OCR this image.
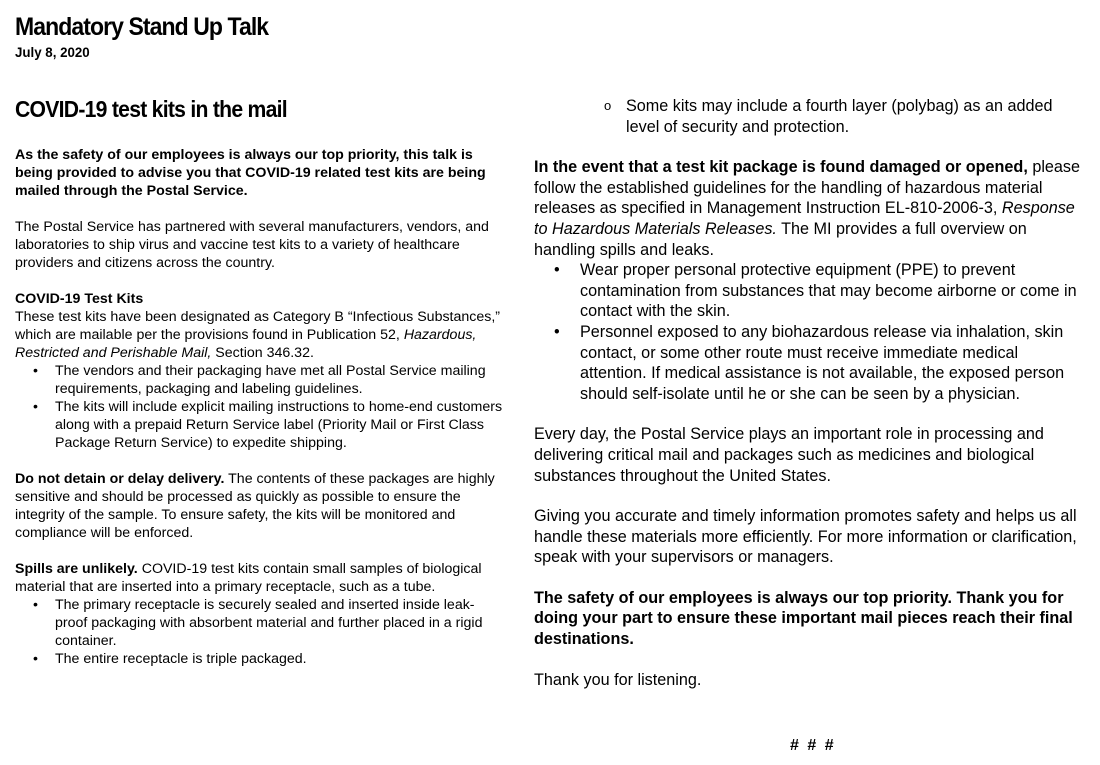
Mandatory Stand Up Talk
July 8, 2020
COVID-19 test kits in the mail

As the safety of our employees is always our top priority, this talk is being provided to advise you that COVID-19 related test kits are being mailed through the Postal Service.

The Postal Service has partnered with several manufacturers, vendors, and laboratories to ship virus and vaccine test kits to a variety of healthcare providers and citizens across the country.

COVID-19 Test Kits

These test kits have been designated as Category B “Infectious Substances,” which are mailable per the provisions found in Publication 52, Hazardous, Restricted and Perishable Mail, Section 346.32.

• The vendors and their packaging have met all Postal Service mailing requirements, packaging and labeling guidelines.
• The kits will include explicit mailing instructions to home-end customers along with a prepaid Return Service label (Priority Mail or First Class Package Return Service) to expedite shipping.

Do not detain or delay delivery. The contents of these packages are highly sensitive and should be processed as quickly as possible to ensure the integrity of the sample. To ensure safety, the kits will be monitored and compliance will be enforced.

Spills are unlikely. COVID-19 test kits contain small samples of biological material that are inserted into a primary receptacle, such as a tube.

• The primary receptacle is securely sealed and inserted inside leak-proof packaging with absorbent material and further placed in a rigid container.
• The entire receptacle is triple packaged.
o Some kits may include a fourth layer (polybag) as an added level of security and protection.

In the event that a test kit package is found damaged or opened, please follow the established guidelines for the handling of hazardous material releases as specified in Management Instruction EL-810-2006-3, Response to Hazardous Materials Releases. The MI provides a full overview on handling spills and leaks.

• Wear proper personal protective equipment (PPE) to prevent contamination from substances that may become airborne or come in contact with the skin.
• Personnel exposed to any biohazardous release via inhalation, skin contact, or some other route must receive immediate medical attention. If medical assistance is not available, the exposed person should self-isolate until he or she can be seen by a physician.

Every day, the Postal Service plays an important role in processing and delivering critical mail and packages such as medicines and biological substances throughout the United States.

Giving you accurate and timely information promotes safety and helps us all handle these materials more efficiently. For more information or clarification, speak with your supervisors or managers.

The safety of our employees is always our top priority. Thank you for doing your part to ensure these important mail pieces reach their final destinations.

Thank you for listening.

# # #
